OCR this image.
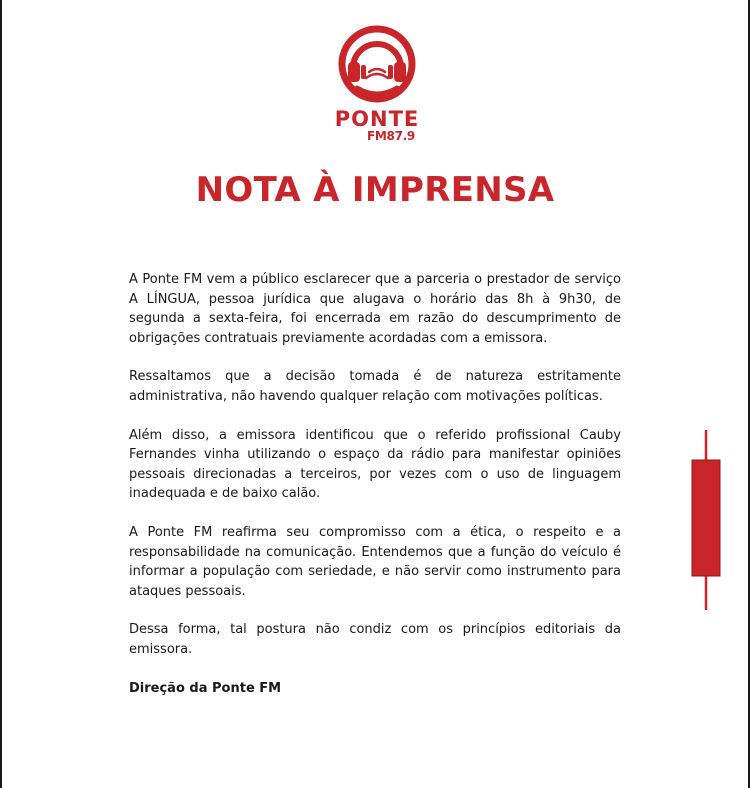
PONTE
FM87.9
NOTA À IMPRENSA

A Ponte FM vem a público esclarecer que a parceria o prestador de serviço A LÍNGUA, pessoa jurídica que alugava o horário das 8h à 9h30, de segunda a sexta-feira, foi encerrada em razão do descumprimento de obrigações contratuais previamente acordadas com a emissora.

Ressaltamos que a decisão tomada é de natureza estritamente administrativa, não havendo qualquer relação com motivações políticas.

Além disso, a emissora identificou que o referido profissional Cauby Fernandes vinha utilizando o espaço da rádio para manifestar opiniões pessoais direcionadas a terceiros, por vezes com o uso de linguagem inadequada e de baixo calão.

A Ponte FM reafirma seu compromisso com a ética, o respeito e a responsabilidade na comunicação. Entendemos que a função do veículo é informar a população com seriedade, e não servir como instrumento para ataques pessoais.

Dessa forma, tal postura não condiz com os princípios editoriais da emissora.

Direção da Ponte FM
